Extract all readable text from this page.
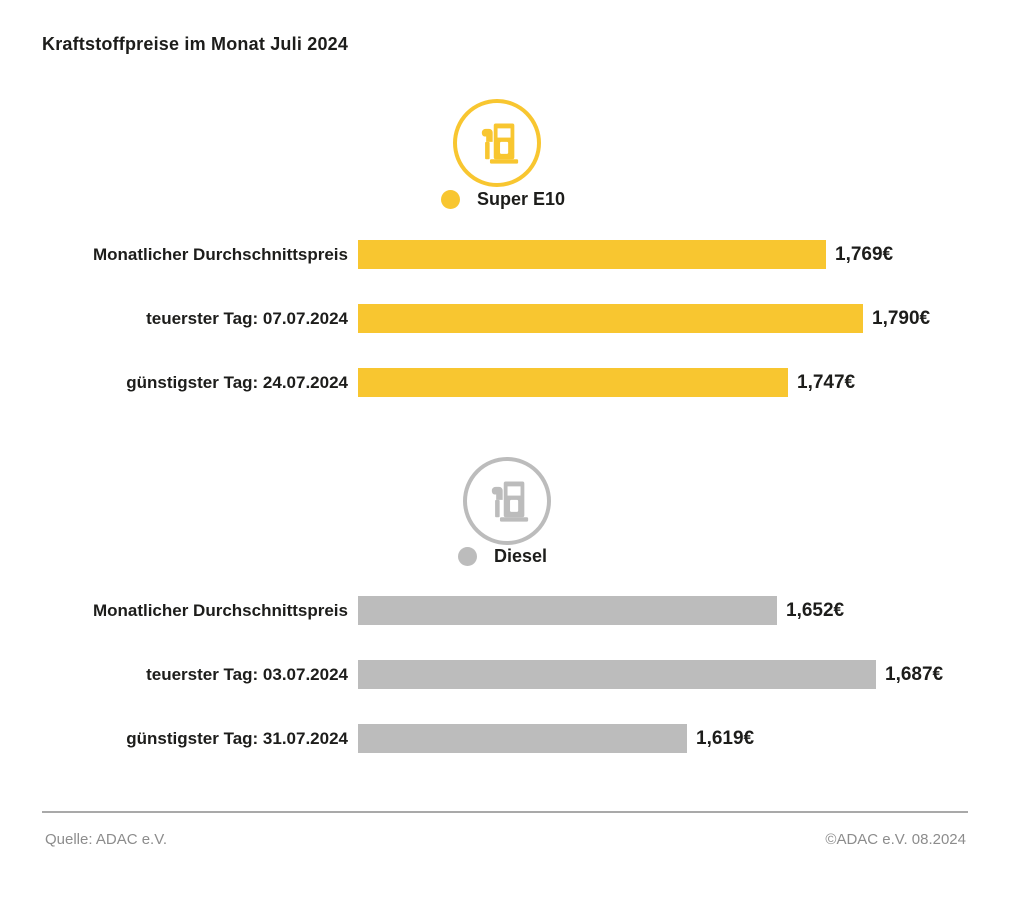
Kraftstoffpreise im Monat Juli 2024
Super E10
Monatlicher Durchschnittspreis	1,769€
teuerster Tag: 07.07.2024	1,790€
günstigster Tag: 24.07.2024	1,747€
Diesel
Monatlicher Durchschnittspreis	1,652€
teuerster Tag: 03.07.2024	1,687€
günstigster Tag: 31.07.2024	1,619€
Quelle: ADAC e.V.	©ADAC e.V. 08.2024
